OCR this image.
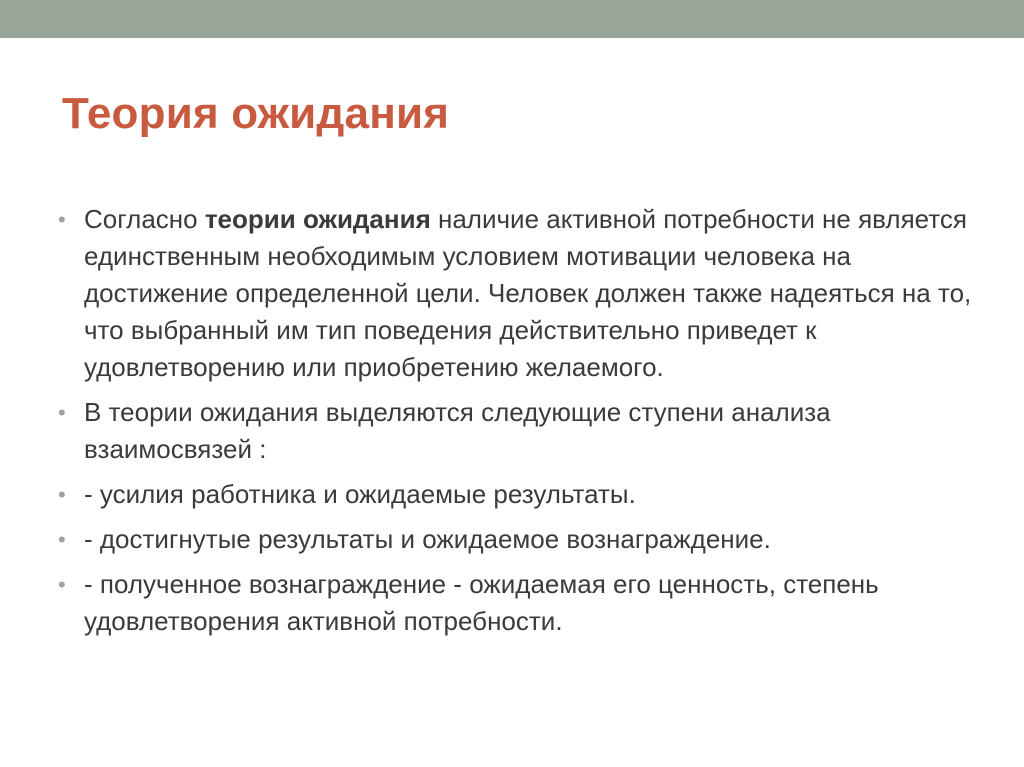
Теория ожидания
• Согласно теории ожидания наличие активной потребности не является единственным необходимым условием мотивации человека на достижение определенной цели. Человек должен также надеяться на то, что выбранный им тип поведения действительно приведет к удовлетворению или приобретению желаемого.
• В теории ожидания выделяются следующие ступени анализа взаимосвязей :
• - усилия работника и ожидаемые результаты.
• - достигнутые результаты и ожидаемое вознаграждение.
• - полученное вознаграждение - ожидаемая его ценность, степень удовлетворения активной потребности.
